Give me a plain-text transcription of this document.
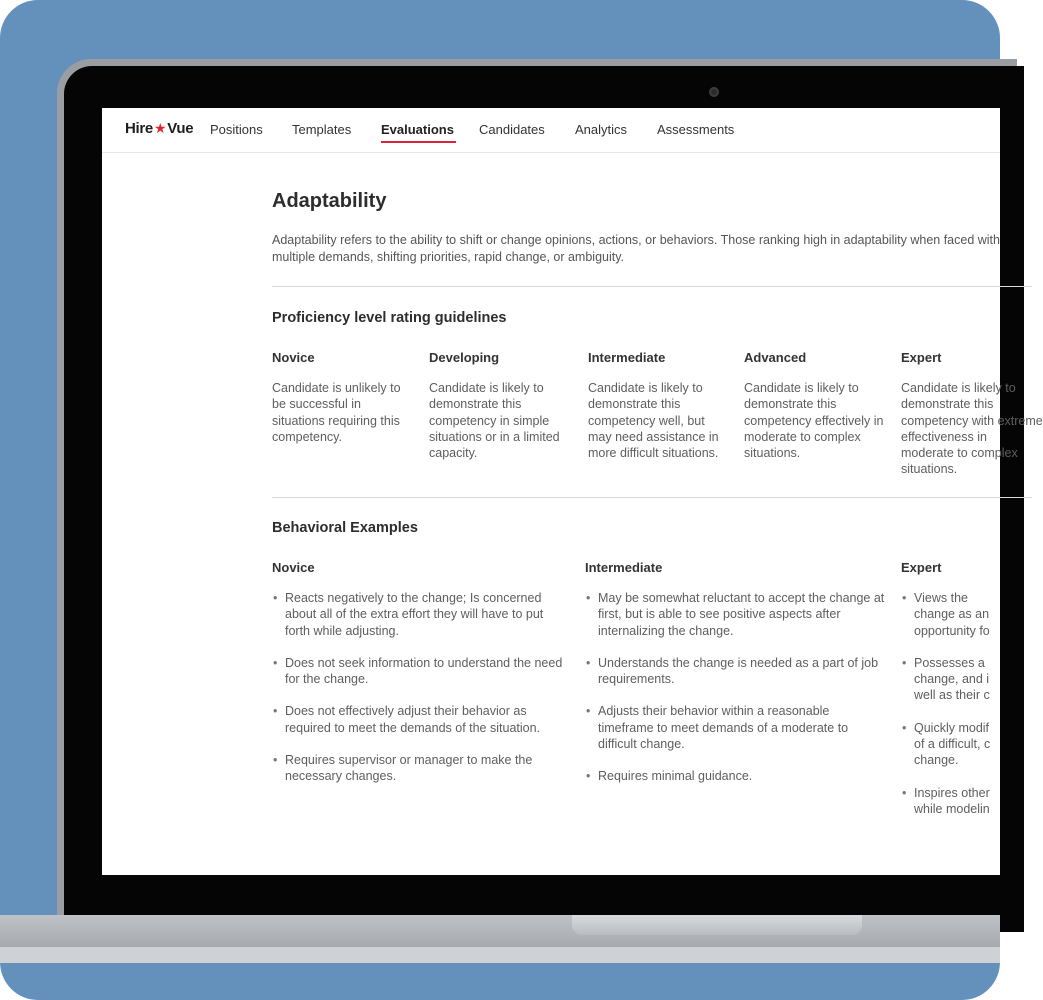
Hire ★ Vue Positions Templates Evaluations Candidates Analytics Assessments
Adaptability
Adaptability refers to the ability to shift or change opinions, actions, or behaviors. Those ranking high in adaptability when faced with multiple demands, shifting priorities, rapid change, or ambiguity.
Proficiency level rating guidelines
Novice
Candidate is unlikely to be successful in situations requiring this competency.
Developing
Candidate is likely to demonstrate this competency in simple situations or in a limited capacity.
Intermediate
Candidate is likely to demonstrate this competency well, but may need assistance in more difficult situations.
Advanced
Candidate is likely to demonstrate this competency effectively in moderate to complex situations.
Expert
Candidate is likely to demonstrate this competency with extreme effectiveness in moderate to complex situations.
Behavioral Examples
Novice
• Reacts negatively to the change; Is concerned about all of the extra effort they will have to put forth while adjusting.
• Does not seek information to understand the need for the change.
• Does not effectively adjust their behavior as required to meet the demands of the situation.
• Requires supervisor or manager to make the necessary changes.
Intermediate
• May be somewhat reluctant to accept the change at first, but is able to see positive aspects after internalizing the change.
• Understands the change is needed as a part of job requirements.
• Adjusts their behavior within a reasonable timeframe to meet demands of a moderate to difficult change.
• Requires minimal guidance.
Expert
• Views the change as an opportunity fo
• Possesses a change, and i well as their c
• Quickly modif of a difficult, c change.
• Inspires other while modelin
